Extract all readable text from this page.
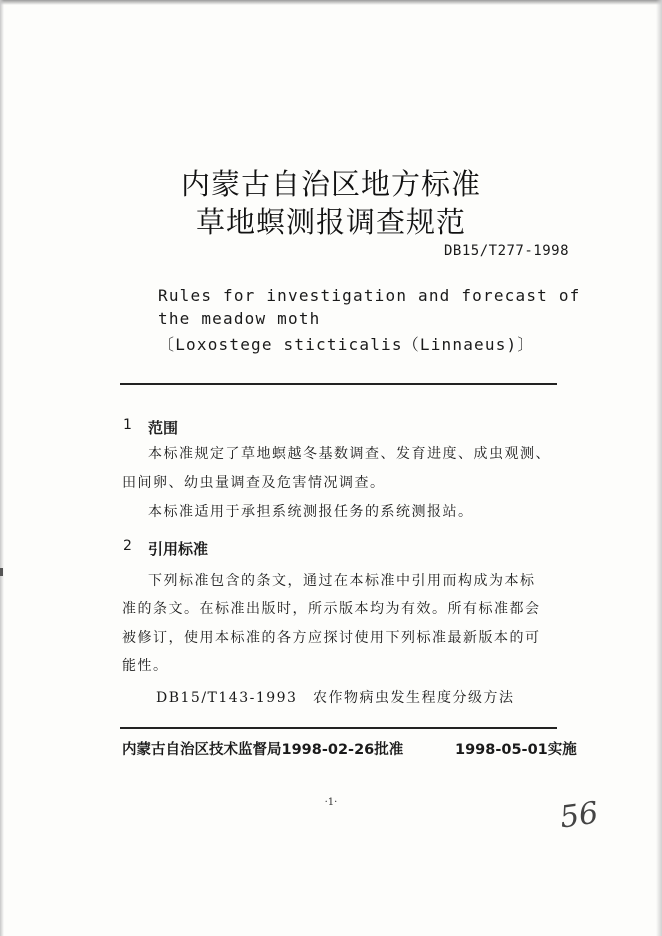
内蒙古自治区地方标准
草地螟测报调查规范
DB15/T277-1998
Rules for investigation and forecast of
the meadow moth
〔Loxostege sticticalis（Linnaeus)〕
1 范围
本标准规定了草地螟越冬基数调查、发育进度、成虫观测、
田间卵、幼虫量调查及危害情况调查。
本标准适用于承担系统测报任务的系统测报站。
2 引用标准
下列标准包含的条文，通过在本标准中引用而构成为本标
准的条文。在标准出版时，所示版本均为有效。所有标准都会
被修订，使用本标准的各方应探讨使用下列标准最新版本的可
能性。
DB15/T143-1993　农作物病虫发生程度分级方法
内蒙古自治区技术监督局1998-02-26批准	1998-05-01实施
·1·	56
